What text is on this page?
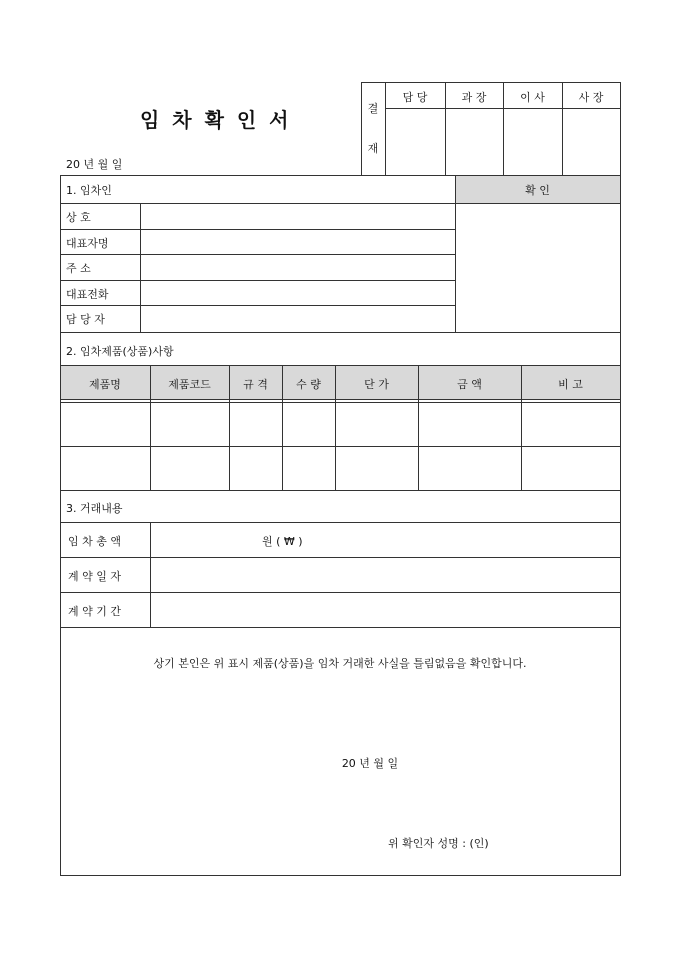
임 차 확 인 서
20 년 월 일
결
재
담 당	과 장	이 사	사 장
1. 임차인	확 인
상 호
대표자명
주 소
대표전화
담 당 자
2. 임차제품(상품)사항
제품명	제품코드	규 격	수 량	단 가	금 액	비 고
3. 거래내용
임 차 총 액	원 ( ₩ )
계 약 일 자
계 약 기 간
상기 본인은 위 표시 제품(상품)을 임차 거래한 사실을 틀림없음을 확인합니다.
20 년 월 일
위 확인자 성명 : (인)
